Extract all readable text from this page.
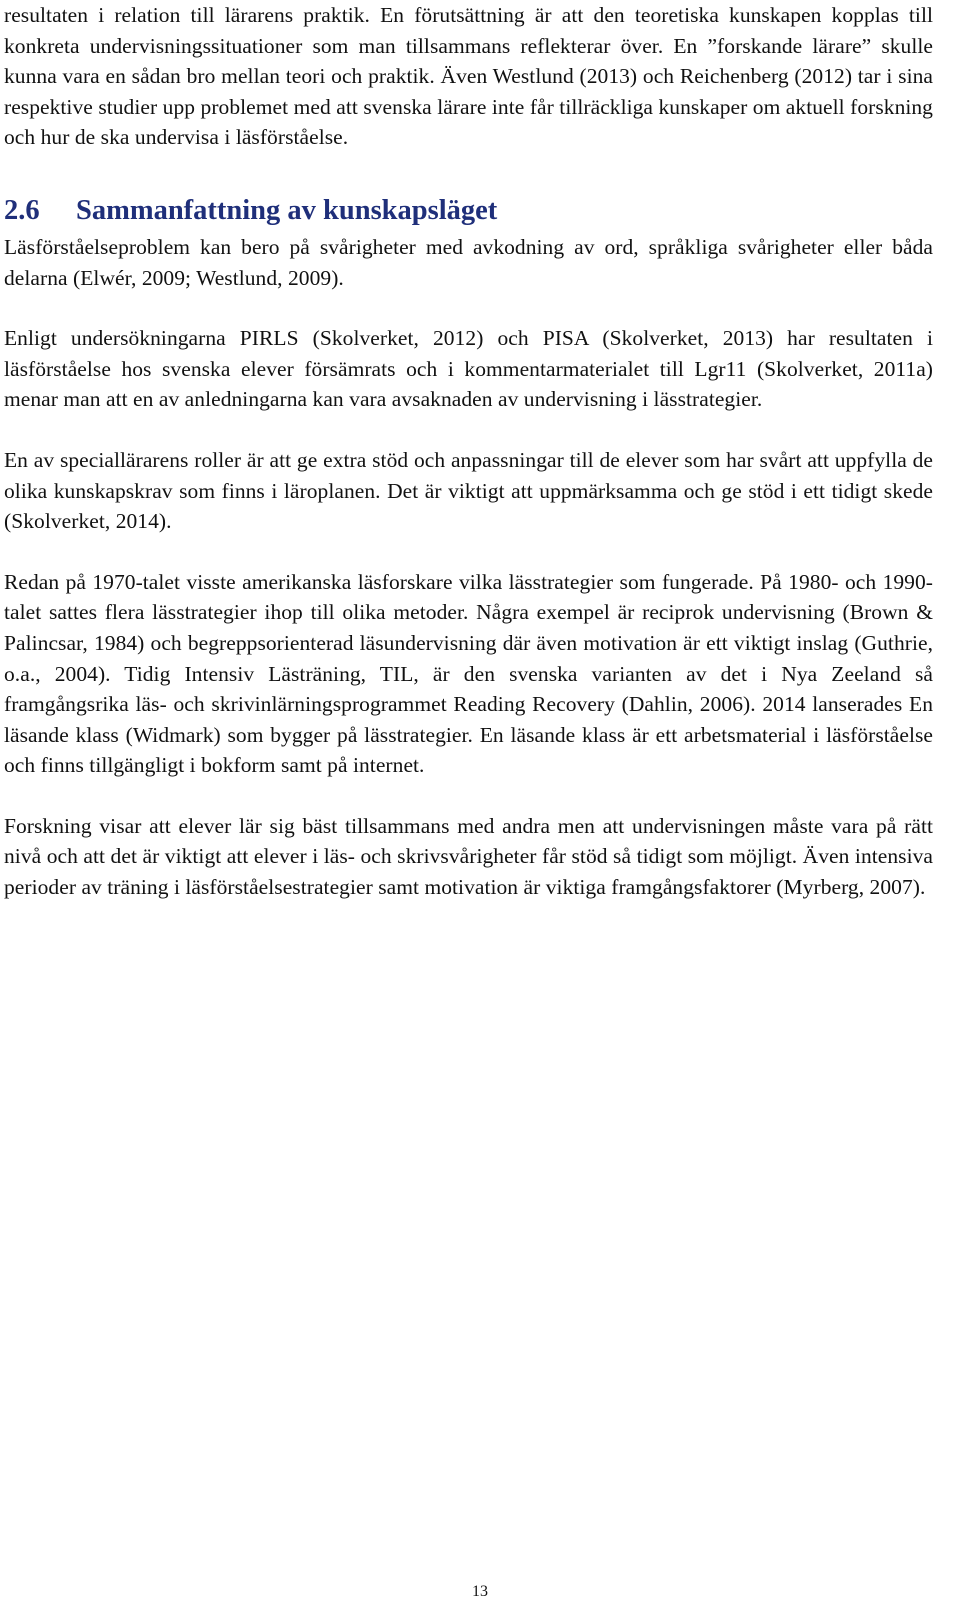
resultaten i relation till lärarens praktik. En förutsättning är att den teoretiska kunskapen kopplas till konkreta undervisningssituationer som man tillsammans reflekterar över. En ”forskande lärare” skulle kunna vara en sådan bro mellan teori och praktik. Även Westlund (2013) och Reichenberg (2012) tar i sina respektive studier upp problemet med att svenska lärare inte får tillräckliga kunskaper om aktuell forskning och hur de ska undervisa i läsförståelse.

2.6	Sammanfattning av kunskapsläget

Läsförståelseproblem kan bero på svårigheter med avkodning av ord, språkliga svårigheter eller båda delarna (Elwér, 2009; Westlund, 2009).

Enligt undersökningarna PIRLS (Skolverket, 2012) och PISA (Skolverket, 2013) har resultaten i läsförståelse hos svenska elever försämrats och i kommentarmaterialet till Lgr11 (Skolverket, 2011a) menar man att en av anledningarna kan vara avsaknaden av undervisning i lässtrategier.

En av speciallärarens roller är att ge extra stöd och anpassningar till de elever som har svårt att uppfylla de olika kunskapskrav som finns i läroplanen. Det är viktigt att uppmärksamma och ge stöd i ett tidigt skede (Skolverket, 2014).

Redan på 1970-talet visste amerikanska läsforskare vilka lässtrategier som fungerade. På 1980- och 1990-talet sattes flera lässtrategier ihop till olika metoder. Några exempel är reciprok undervisning (Brown & Palincsar, 1984) och begreppsorienterad läsundervisning där även motivation är ett viktigt inslag (Guthrie, o.a., 2004). Tidig Intensiv Lästräning, TIL, är den svenska varianten av det i Nya Zeeland så framgångsrika läs- och skrivinlärningsprogrammet Reading Recovery (Dahlin, 2006). 2014 lanserades En läsande klass (Widmark) som bygger på lässtrategier. En läsande klass är ett arbetsmaterial i läsförståelse och finns tillgängligt i bokform samt på internet.

Forskning visar att elever lär sig bäst tillsammans med andra men att undervisningen måste vara på rätt nivå och att det är viktigt att elever i läs- och skrivsvårigheter får stöd så tidigt som möjligt. Även intensiva perioder av träning i läsförståelsestrategier samt motivation är viktiga framgångsfaktorer (Myrberg, 2007).

13
